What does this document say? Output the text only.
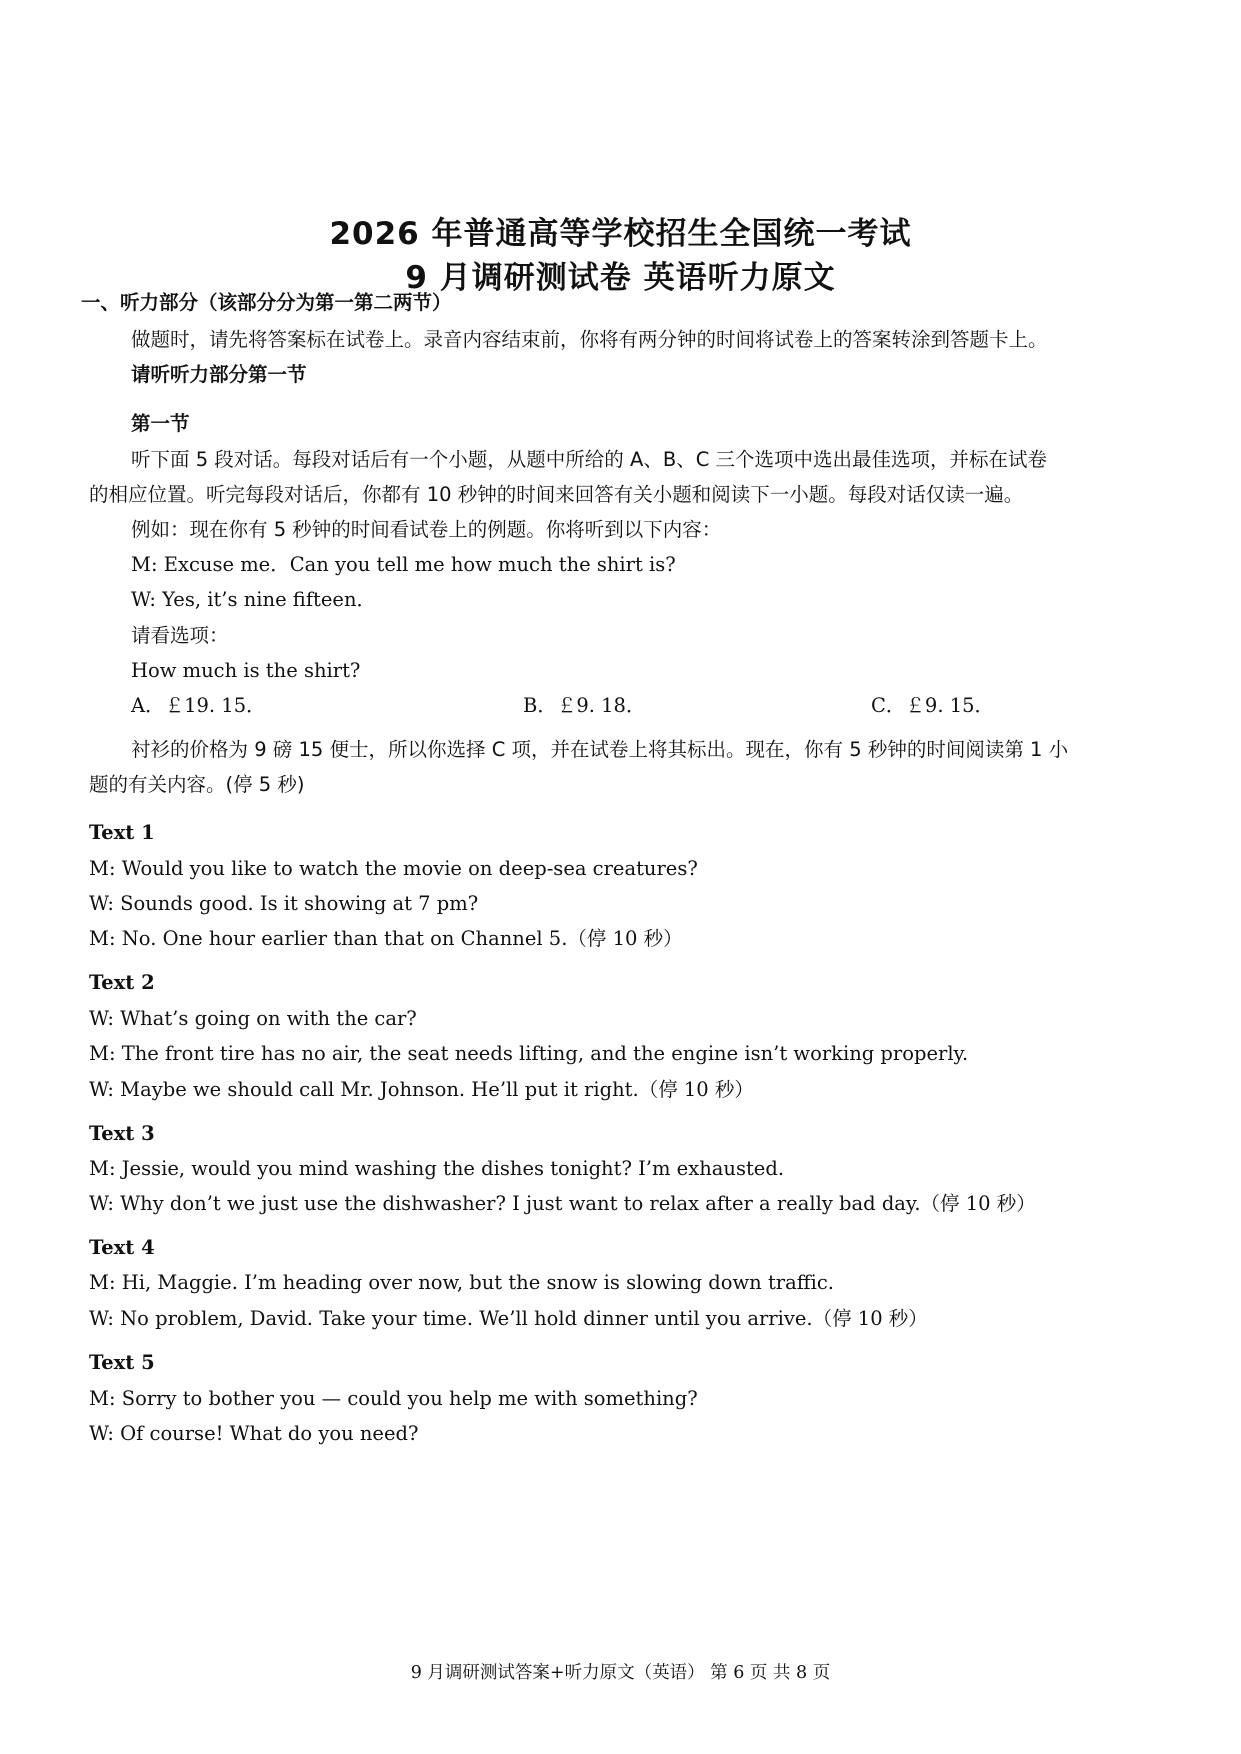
2026 年普通高等学校招生全国统一考试
9 月调研测试卷 英语听力原文
一、听力部分（该部分分为第一第二两节）
做题时，请先将答案标在试卷上。录音内容结束前，你将有两分钟的时间将试卷上的答案转涂到答题卡上。
请听听力部分第一节
第一节
听下面 5 段对话。每段对话后有一个小题，从题中所给的 A、B、C 三个选项中选出最佳选项，并标在试卷
的相应位置。听完每段对话后，你都有 10 秒钟的时间来回答有关小题和阅读下一小题。每段对话仅读一遍。
例如：现在你有 5 秒钟的时间看试卷上的例题。你将听到以下内容：
M: Excuse me．Can you tell me how much the shirt is?
W: Yes, it’s nine fifteen．
请看选项：
How much is the shirt?
A．￡19. 15．	B．￡9. 18．	C．￡9. 15．
衬衫的价格为 9 磅 15 便士，所以你选择 C 项，并在试卷上将其标出。现在，你有 5 秒钟的时间阅读第 1 小
题的有关内容。(停 5 秒)
Text 1
M: Would you like to watch the movie on deep-sea creatures?
W: Sounds good. Is it showing at 7 pm?
M: No. One hour earlier than that on Channel 5.（停 10 秒）
Text 2
W: What’s going on with the car?
M: The front tire has no air, the seat needs lifting, and the engine isn’t working properly.
W: Maybe we should call Mr. Johnson. He’ll put it right.（停 10 秒）
Text 3
M: Jessie, would you mind washing the dishes tonight? I’m exhausted.
W: Why don’t we just use the dishwasher? I just want to relax after a really bad day.（停 10 秒）
Text 4
M: Hi, Maggie. I’m heading over now, but the snow is slowing down traffic.
W: No problem, David. Take your time. We’ll hold dinner until you arrive.（停 10 秒）
Text 5
M: Sorry to bother you — could you help me with something?
W: Of course! What do you need?
9 月调研测试答案+听力原文（英语） 第 6 页 共 8 页
